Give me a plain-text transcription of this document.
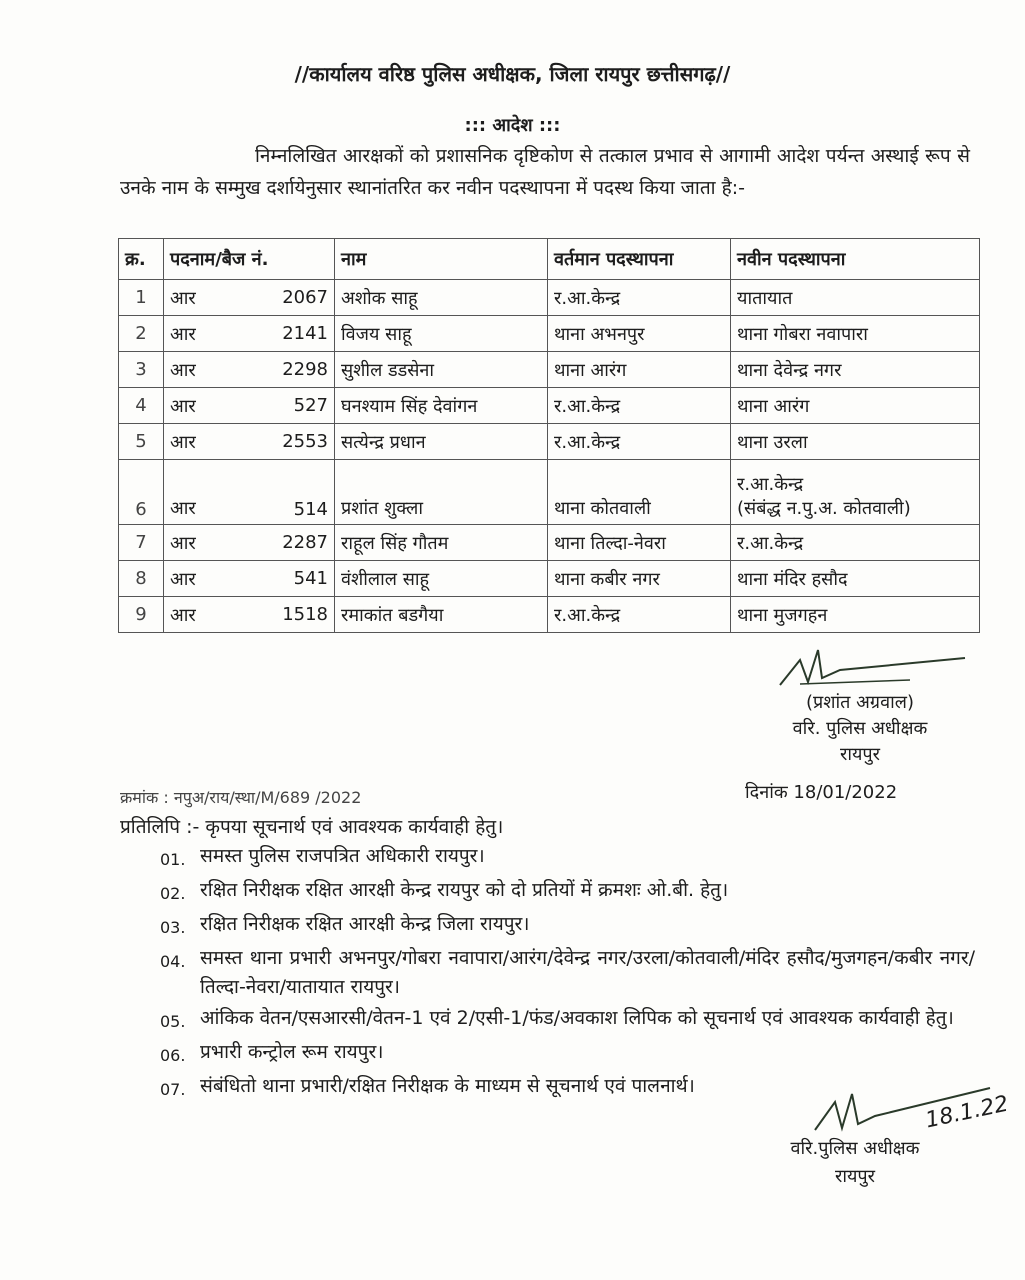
//कार्यालय वरिष्ठ पुलिस अधीक्षक, जिला रायपुर छत्तीसगढ़//
::: आदेश :::

निम्नलिखित आरक्षकों को प्रशासनिक दृष्टिकोण से तत्काल प्रभाव से आगामी आदेश पर्यन्त अस्थाई रूप से उनके नाम के सम्मुख दर्शायेनुसार स्थानांतरित कर नवीन पदस्थापना में पदस्थ किया जाता है:-

क्र.	पदनाम/बैज नं.		नाम	वर्तमान पदस्थापना	नवीन पदस्थापना
1	आर	2067	अशोक साहू	र.आ.केन्द्र	यातायात
2	आर	2141	विजय साहू	थाना अभनपुर	थाना गोबरा नवापारा
3	आर	2298	सुशील डडसेना	थाना आरंग	थाना देवेन्द्र नगर
4	आर	527	घनश्याम सिंह देवांगन	र.आ.केन्द्र	थाना आरंग
5	आर	2553	सत्येन्द्र प्रधान	र.आ.केन्द्र	थाना उरला
6	आर	514	प्रशांत शुक्ला	थाना कोतवाली	र.आ.केन्द्र
(संबंद्ध न.पु.अ. कोतवाली)

7	आर	2287	राहूल सिंह गौतम	थाना तिल्दा-नेवरा	र.आ.केन्द्र
8	आर	541	वंशीलाल साहू	थाना कबीर नगर	थाना मंदिर हसौद
9	आर	1518	रमाकांत बडगैया	र.आ.केन्द्र	थाना मुजगहन
(प्रशांत अग्रवाल)
वरि. पुलिस अधीक्षक
रायपुर
क्रमांक : नपुअ/राय/स्था/M/689 /2022	दिनांक 18/01/2022
प्रतिलिपि :- कृपया सूचनार्थ एवं आवश्यक कार्यवाही हेतु।
01. समस्त पुलिस राजपत्रित अधिकारी रायपुर।
02. रक्षित निरीक्षक रक्षित आरक्षी केन्द्र रायपुर को दो प्रतियों में क्रमशः ओ.बी. हेतु।
03. रक्षित निरीक्षक रक्षित आरक्षी केन्द्र जिला रायपुर।
04. समस्त थाना प्रभारी अभनपुर/गोबरा नवापारा/आरंग/देवेन्द्र नगर/उरला/कोतवाली/मंदिर हसौद/मुजगहन/कबीर नगर/तिल्दा-नेवरा/यातायात रायपुर।
05. आंकिक वेतन/एसआरसी/वेतन-1 एवं 2/एसी-1/फंड/अवकाश लिपिक को सूचनार्थ एवं आवश्यक कार्यवाही हेतु।
06. प्रभारी कन्ट्रोल रूम रायपुर।
07. संबंधितो थाना प्रभारी/रक्षित निरीक्षक के माध्यम से सूचनार्थ एवं पालनार्थ।
18.1.22
वरि.पुलिस अधीक्षक
रायपुर
